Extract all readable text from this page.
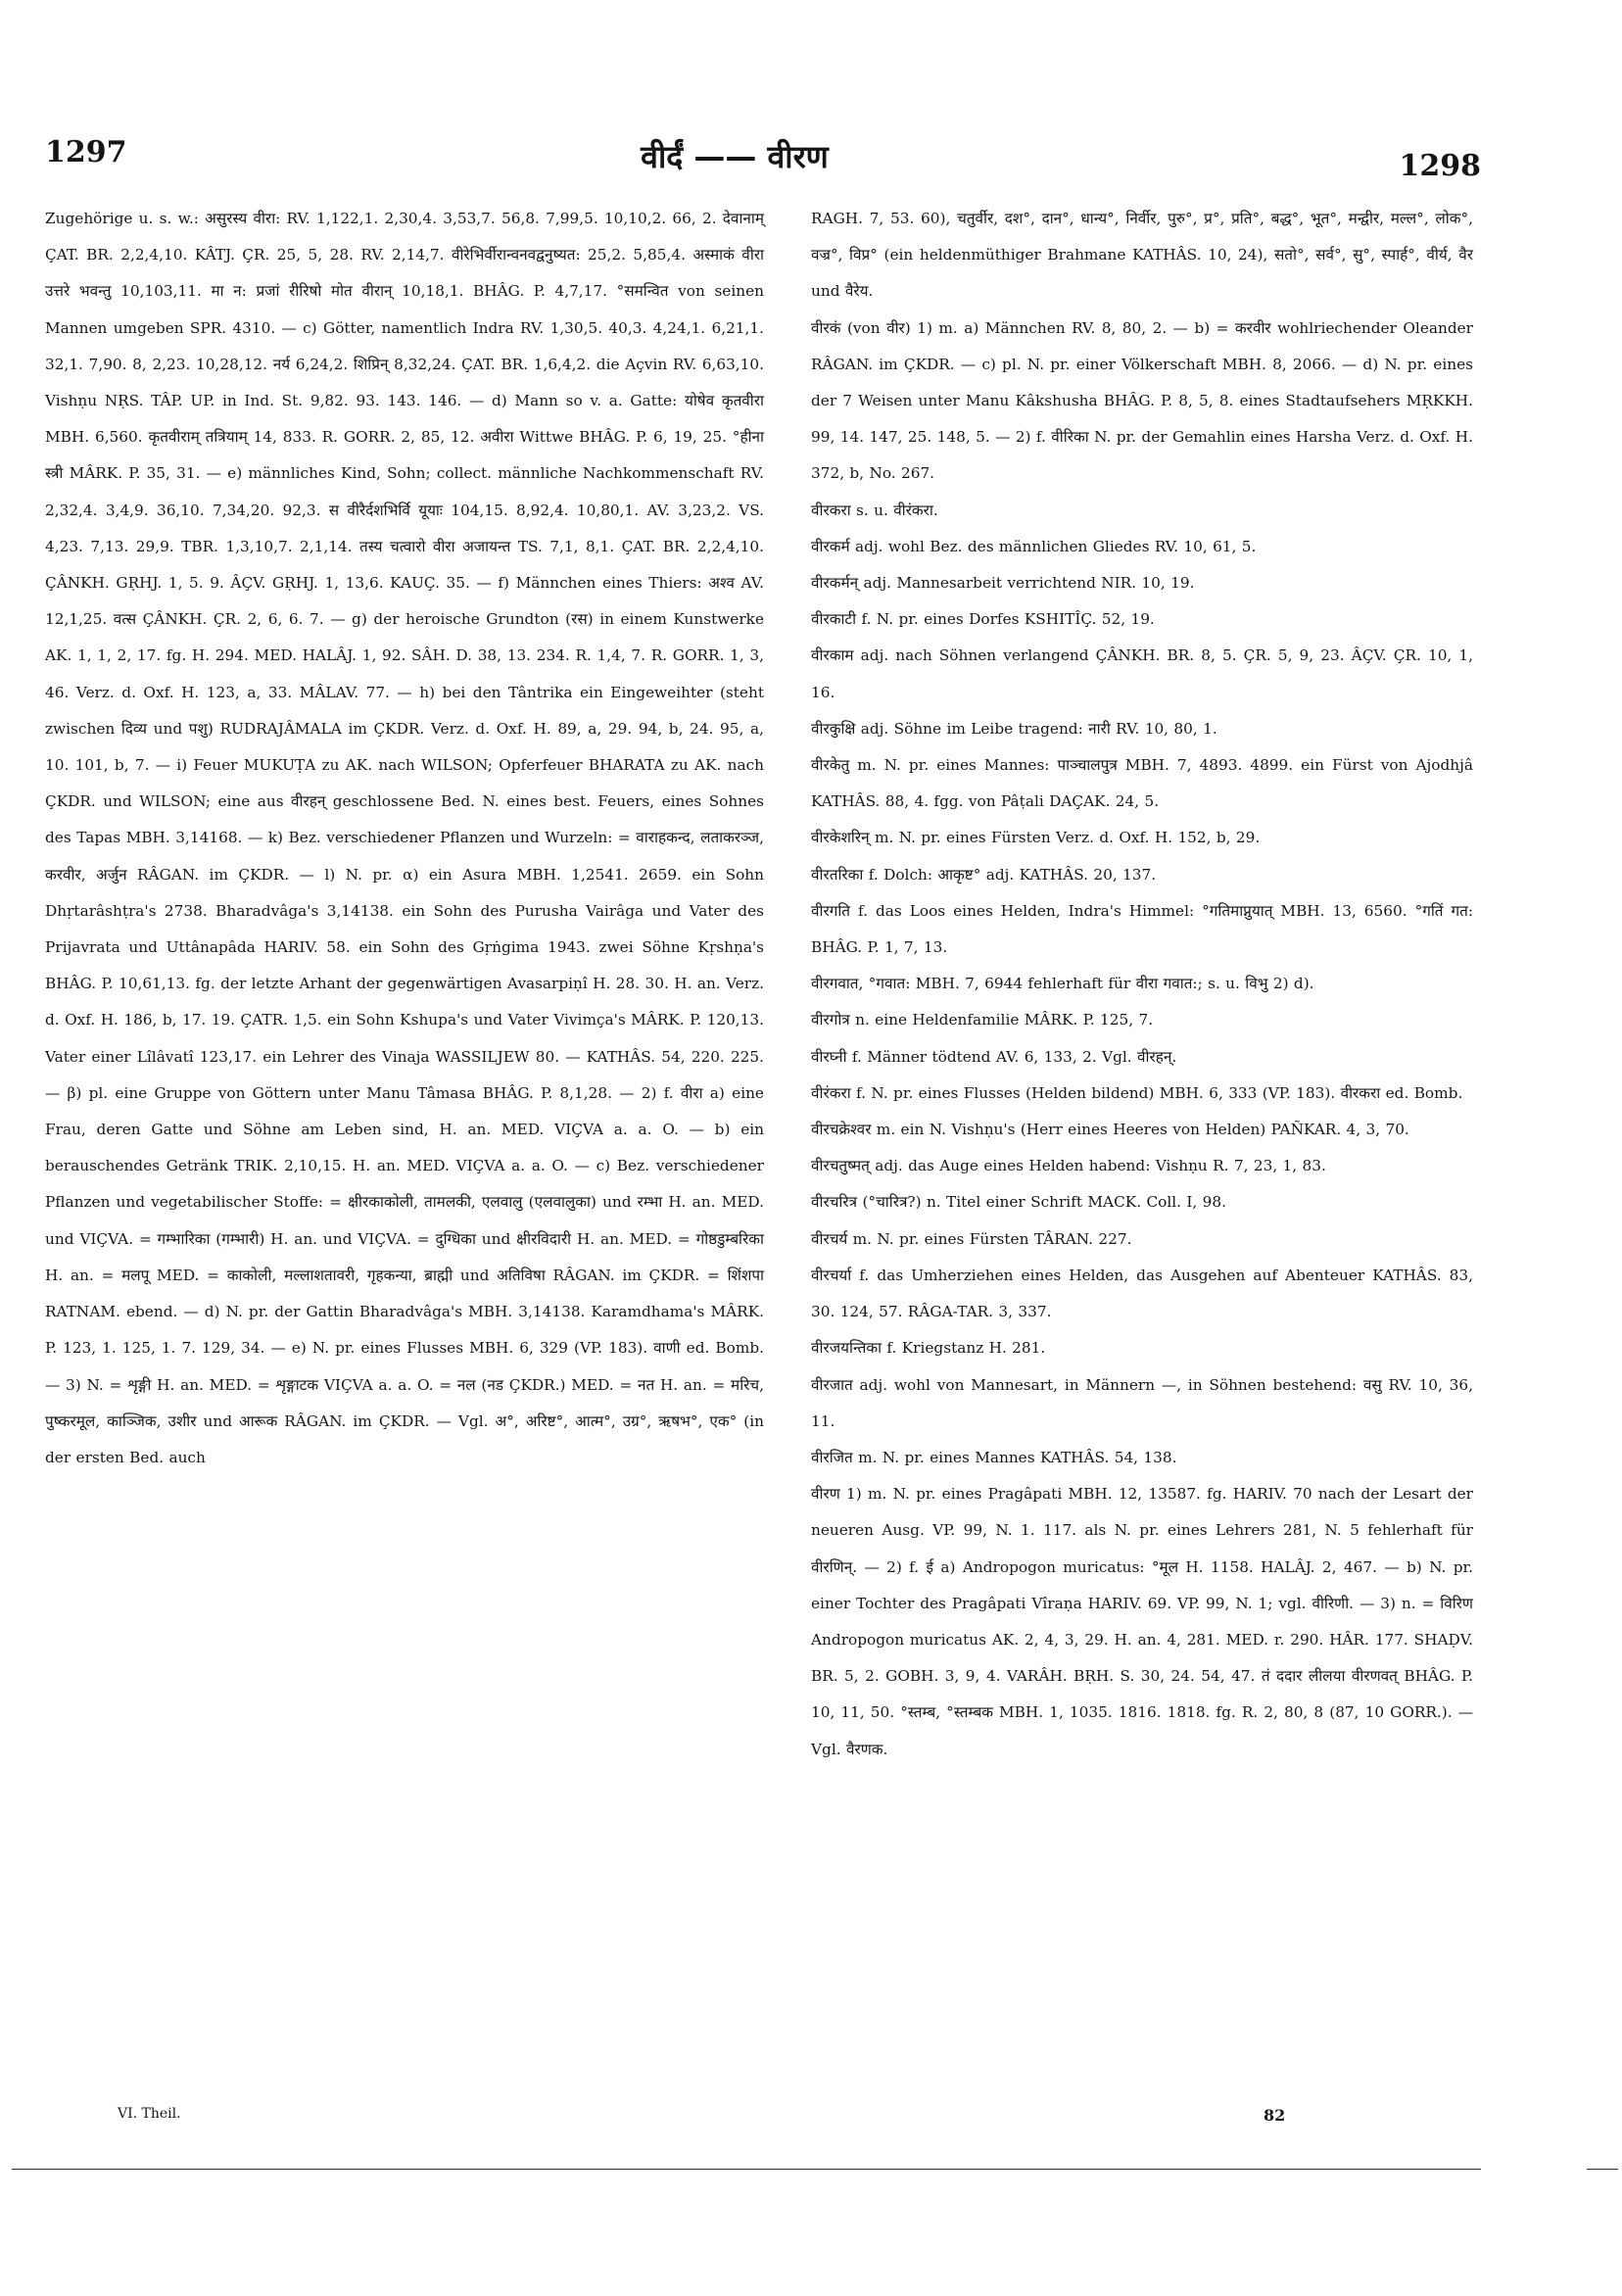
1297	वीर्दं —— वीरण	1298

Zugehörige u. s. w.: असुरस्य वीरा: RV. 1,122,1. 2,30,4. 3,53,7. 56,8. 7,99,5. 10,10,2. 66, 2. देवानाम् ÇAT. BR. 2,2,4,10. KÂTJ. ÇR. 25, 5, 28. RV. 2,14,7. वीरेभिर्वीरान्वनवद्वनुष्यत: 25,2. 5,85,4. अस्माकं वीरा उत्तरे भवन्तु 10,103,11. मा न: प्रजां रीरिषो मोत वीरान् 10,18,1. BHÂG. P. 4,7,17. °समन्वित von seinen Mannen umgeben SPR. 4310. — c) Götter, namentlich Indra RV. 1,30,5. 40,3. 4,24,1. 6,21,1. 32,1. 7,90. 8, 2,23. 10,28,12. नर्य 6,24,2. शिप्रिन् 8,32,24. ÇAT. BR. 1,6,4,2. die Açvin RV. 6,63,10. Vishṇu NṚS. TÂP. UP. in Ind. St. 9,82. 93. 143. 146. — d) Mann so v. a. Gatte: योषेव कृतवीरा MBH. 6,560. कृतवीराम् तत्रियाम् 14, 833. R. GORR. 2, 85, 12. अवीरा Wittwe BHÂG. P. 6, 19, 25. °हीना स्त्री MÂRK. P. 35, 31. — e) männliches Kind, Sohn; collect. männliche Nachkommenschaft RV. 2,32,4. 3,4,9. 36,10. 7,34,20. 92,3. स वीरैर्दशभिर्वि यूयाः 104,15. 8,92,4. 10,80,1. AV. 3,23,2. VS. 4,23. 7,13. 29,9. TBR. 1,3,10,7. 2,1,14. तस्य चत्वारो वीरा अजायन्त TS. 7,1, 8,1. ÇAT. BR. 2,2,4,10. ÇÂNKH. GṚHJ. 1, 5. 9. ÂÇV. GṚHJ. 1, 13,6. KAUÇ. 35. — f) Männchen eines Thiers: अश्व AV. 12,1,25. वत्स ÇÂNKH. ÇR. 2, 6, 6. 7. — g) der heroische Grundton (रस) in einem Kunstwerke AK. 1, 1, 2, 17. fg. H. 294. MED. HALÂJ. 1, 92. SÂH. D. 38, 13. 234. R. 1,4, 7. R. GORR. 1, 3, 46. Verz. d. Oxf. H. 123, a, 33. MÂLAV. 77. — h) bei den Tântrika ein Eingeweihter (steht zwischen दिव्य und पशु) RUDRAJÂMALA im ÇKDR. Verz. d. Oxf. H. 89, a, 29. 94, b, 24. 95, a, 10. 101, b, 7. — i) Feuer MUKUṬA zu AK. nach WILSON; Opferfeuer BHARATA zu AK. nach ÇKDR. und WILSON; eine aus वीरहन् geschlossene Bed. N. eines best. Feuers, eines Sohnes des Tapas MBH. 3,14168. — k) Bez. verschiedener Pflanzen und Wurzeln: = वाराहकन्द, लताकरञ्ज, करवीर, अर्जुन RÂGAN. im ÇKDR. — l) N. pr. α) ein Asura MBH. 1,2541. 2659. ein Sohn Dhṛtarâshṭra's 2738. Bharadvâga's 3,14138. ein Sohn des Purusha Vairâga und Vater des Prijavrata und Uttânapâda HARIV. 58. ein Sohn des Gṛṅgima 1943. zwei Söhne Kṛshṇa's BHÂG. P. 10,61,13. fg. der letzte Arhant der gegenwärtigen Avasarpiṇî H. 28. 30. H. an. Verz. d. Oxf. H. 186, b, 17. 19. ÇATR. 1,5. ein Sohn Kshupa's und Vater Vivimça's MÂRK. P. 120,13. Vater einer Lîlâvatî 123,17. ein Lehrer des Vinaja WASSILJEW 80. — KATHÂS. 54, 220. 225. — β) pl. eine Gruppe von Göttern unter Manu Tâmasa BHÂG. P. 8,1,28. — 2) f. वीरा a) eine Frau, deren Gatte und Söhne am Leben sind, H. an. MED. VIÇVA a. a. O. — b) ein berauschendes Getränk TRIK. 2,10,15. H. an. MED. VIÇVA a. a. O. — c) Bez. verschiedener Pflanzen und vegetabilischer Stoffe: = क्षीरकाकोली, तामलकी, एलवालु (एलवालुका) und रम्भा H. an. MED. und VIÇVA. = गम्भारिका (गम्भारी) H. an. und VIÇVA. = दुग्धिका und क्षीरविदारी H. an. MED. = गोष्ठडुम्बरिका H. an. = मलपू MED. = काकोली, मल्लाशतावरी, गृहकन्या, ब्राह्मी und अतिविषा RÂGAN. im ÇKDR. = शिंशपा RATNAM. ebend. — d) N. pr. der Gattin Bharadvâga's MBH. 3,14138. Karamdhama's MÂRK. P. 123, 1. 125, 1. 7. 129, 34. — e) N. pr. eines Flusses MBH. 6, 329 (VP. 183). वाणी ed. Bomb. — 3) N. = शृङ्गी H. an. MED. = शृङ्गाटक VIÇVA a. a. O. = नल (नड ÇKDR.) MED. = नत H. an. = मरिच, पुष्करमूल, काञ्जिक, उशीर und आरूक RÂGAN. im ÇKDR. — Vgl. अ°, अरिष्ट°, आत्म°, उग्र°, ऋषभ°, एक° (in der ersten Bed. auch

RAGH. 7, 53. 60), चतुर्वीर, दश°, दान°, धान्य°, निर्वीर, पुरु°, प्र°, प्रति°, बद्ध°, भूत°, मन्द्वीर, मल्ल°, लोक°, वज्र°, विप्र° (ein heldenmüthiger Brahmane KATHÂS. 10, 24), सतो°, सर्व°, सु°, स्पार्ह°, वीर्य, वैर und वैरेय.

वीरकं (von वीर) 1) m. a) Männchen RV. 8, 80, 2. — b) = करवीर wohlriechender Oleander RÂGAN. im ÇKDR. — c) pl. N. pr. einer Völkerschaft MBH. 8, 2066. — d) N. pr. eines der 7 Weisen unter Manu Kâkshusha BHÂG. P. 8, 5, 8. eines Stadtaufsehers MṚKKH. 99, 14. 147, 25. 148, 5. — 2) f. वीरिका N. pr. der Gemahlin eines Harsha Verz. d. Oxf. H. 372, b, No. 267.

वीरकरा s. u. वीरंकरा.

वीरकर्म adj. wohl Bez. des männlichen Gliedes RV. 10, 61, 5.

वीरकर्मन् adj. Mannesarbeit verrichtend NIR. 10, 19.

वीरकाटी f. N. pr. eines Dorfes KSHITÎÇ. 52, 19.

वीरकाम adj. nach Söhnen verlangend ÇÂNKH. BR. 8, 5. ÇR. 5, 9, 23. ÂÇV. ÇR. 10, 1, 16.

वीरकुक्षि adj. Söhne im Leibe tragend: नारी RV. 10, 80, 1.

वीरकेतु m. N. pr. eines Mannes: पाञ्चालपुत्र MBH. 7, 4893. 4899. ein Fürst von Ajodhjâ KATHÂS. 88, 4. fgg. von Pâṭali DAÇAK. 24, 5.

वीरकेशरिन् m. N. pr. eines Fürsten Verz. d. Oxf. H. 152, b, 29.

वीरतरिका f. Dolch: आकृष्ट° adj. KATHÂS. 20, 137.

वीरगति f. das Loos eines Helden, Indra's Himmel: °गतिमाप्नुयात् MBH. 13, 6560. °गतिं गत: BHÂG. P. 1, 7, 13.

वीरगवात, °गवात: MBH. 7, 6944 fehlerhaft für वीरा गवात:; s. u. विभु 2) d).

वीरगोत्र n. eine Heldenfamilie MÂRK. P. 125, 7.

वीरघ्नी f. Männer tödtend AV. 6, 133, 2. Vgl. वीरहन्.

वीरंकरा f. N. pr. eines Flusses (Helden bildend) MBH. 6, 333 (VP. 183). वीरकरा ed. Bomb.

वीरचक्रेश्वर m. ein N. Vishṇu's (Herr eines Heeres von Helden) PAÑKAR. 4, 3, 70.

वीरचतुष्मत् adj. das Auge eines Helden habend: Vishṇu R. 7, 23, 1, 83.

वीरचरित्र (°चारित्र?) n. Titel einer Schrift MACK. Coll. I, 98.

वीरचर्य m. N. pr. eines Fürsten TÂRAN. 227.

वीरचर्या f. das Umherziehen eines Helden, das Ausgehen auf Abenteuer KATHÂS. 83, 30. 124, 57. RÂGA-TAR. 3, 337.

वीरजयन्तिका f. Kriegstanz H. 281.

वीरजात adj. wohl von Mannesart, in Männern —, in Söhnen bestehend: वसु RV. 10, 36, 11.

वीरजित m. N. pr. eines Mannes KATHÂS. 54, 138.

वीरण 1) m. N. pr. eines Pragâpati MBH. 12, 13587. fg. HARIV. 70 nach der Lesart der neueren Ausg. VP. 99, N. 1. 117. als N. pr. eines Lehrers 281, N. 5 fehlerhaft für वीरणिन्. — 2) f. ई a) Andropogon muricatus: °मूल H. 1158. HALÂJ. 2, 467. — b) N. pr. einer Tochter des Pragâpati Vîraṇa HARIV. 69. VP. 99, N. 1; vgl. वीरिणी. — 3) n. = विरिण Andropogon muricatus AK. 2, 4, 3, 29. H. an. 4, 281. MED. r. 290. HÂR. 177. SHAḌV. BR. 5, 2. GOBH. 3, 9, 4. VARÂH. BṚH. S. 30, 24. 54, 47. तं ददार लीलया वीरणवत् BHÂG. P. 10, 11, 50. °स्तम्ब, °स्तम्बक MBH. 1, 1035. 1816. 1818. fg. R. 2, 80, 8 (87, 10 GORR.). — Vgl. वैरणक.

VI. Theil.	82
